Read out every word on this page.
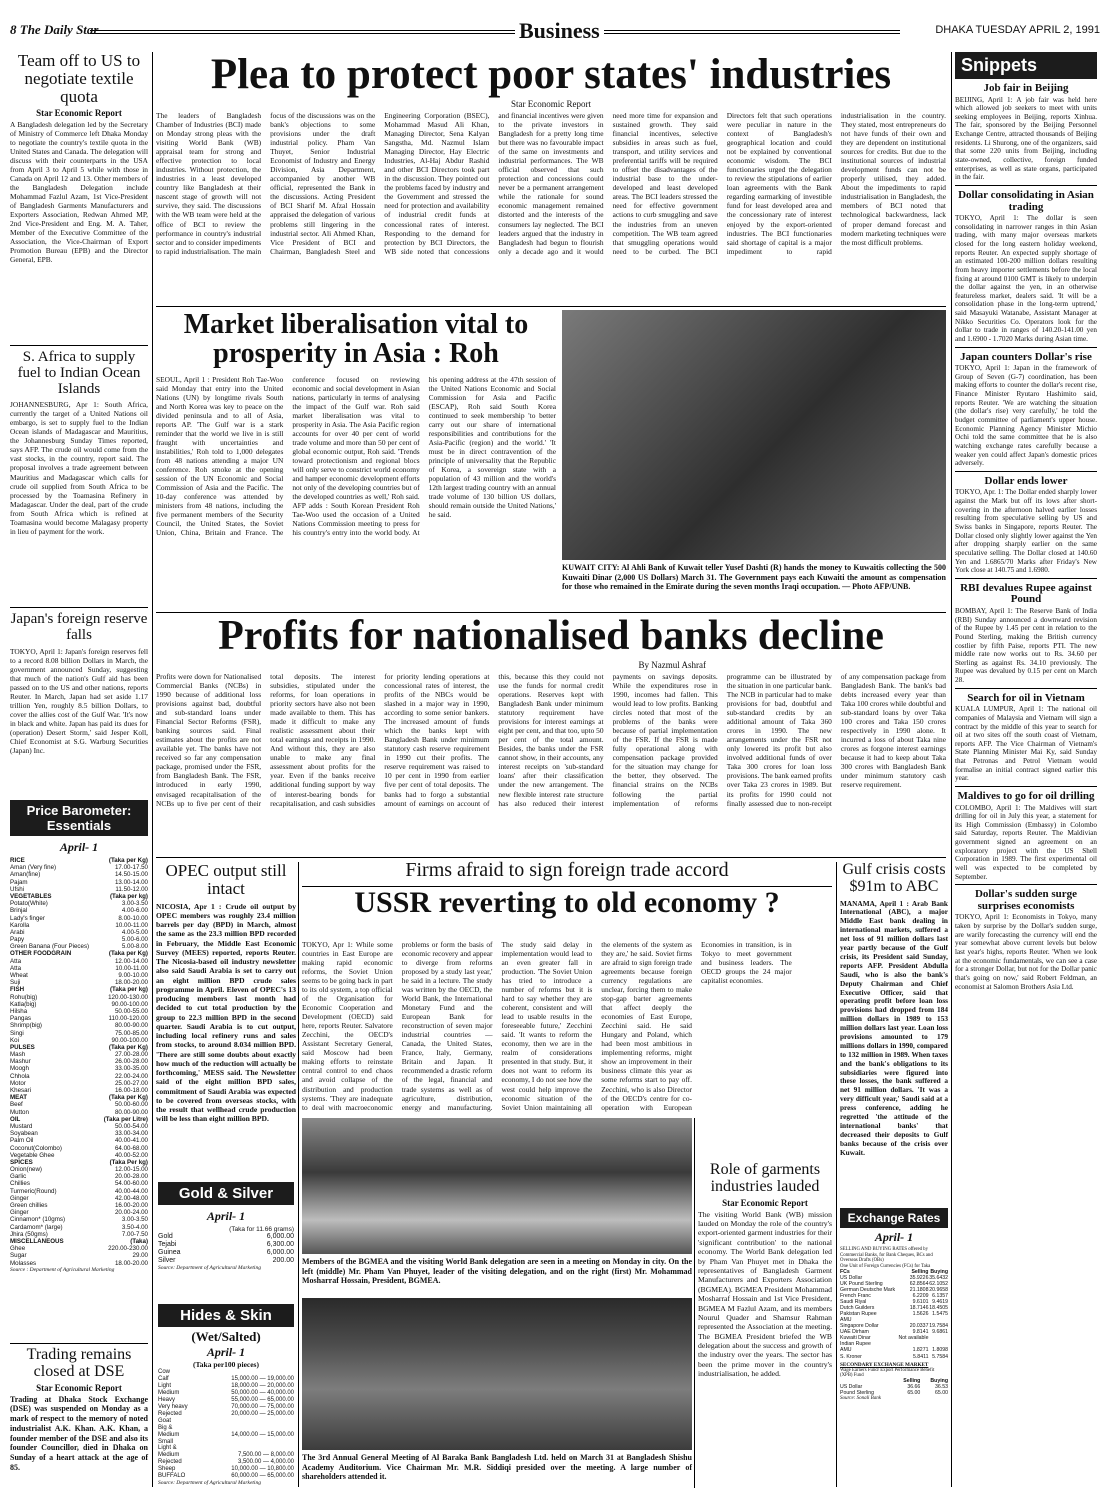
8 The Daily Star	Business	DHAKA TUESDAY APRIL 2, 1991
Team off to US to negotiate textile quota

Star Economic Report

A Bangladesh delegation led by the Secretary of Ministry of Commerce left Dhaka Monday to negotiate the country's textile quota in the United States and Canada. The delegation will discuss with their counterparts in the USA from April 3 to April 5 while with those in Canada on April 12 and 13. Other members of the Bangladesh Delegation include Mohammad Fazlul Azam, 1st Vice-President of Bangladesh Garments Manufacturers and Exporters Association, Redwan Ahmed MP, 2nd Vice-President and Eng. M. A. Taher, Member of the Executive Committee of the Association, the Vice-Chairman of Export Promotion Bureau (EPB) and the Director General, EPB.

S. Africa to supply fuel to Indian Ocean Islands

JOHANNESBURG, Apr 1: South Africa, currently the target of a United Nations oil embargo, is set to supply fuel to the Indian Ocean islands of Madagascar and Mauritius, the Johannesburg Sunday Times reported, says AFP. The crude oil would come from the vast stocks, in the country, report said. The proposal involves a trade agreement between Mauritius and Madagascar which calls for crude oil supplied from South Africa to be processed by the Toamasina Refinery in Madagascar. Under the deal, part of the crude from South Africa which is refined at Toamasina would become Malagasy property in lieu of payment for the work.

Japan's foreign reserve falls

TOKYO, April 1: Japan's foreign reserves fell to a record 8.08 billion Dollars in March, the government announced Sunday, suggesting that much of the nation's Gulf aid has been passed on to the US and other nations, reports Reuter. In March, Japan had set aside 1.17 trillion Yen, roughly 8.5 billion Dollars, to cover the allies cost of the Gulf War. 'It's now in black and white. Japan has paid its dues for (operation) Desert Storm,' said Jesper Koll, Chief Economist at S.G. Warburg Securities (Japan) Inc.

Price Barometer: Essentials
April- 1
RICE	(Taka per Kg)
Aman (Very fine)	17.00-17.50
Aman(fine)	14.50-15.00
Pajam	13.00-14.00
Ufshi	11.50-12.00
VEGETABLES	(Taka per kg)
Potato(White)	3.00-3.50
Brinjal	4.00-6.00
Lady's finger	8.00-10.00
Karolla	10.00-11.00
Arabi	4.00-5.00
Papy	5.00-6.00
Green Banana (Four Pieces)	5.00-8.00
OTHER FOODGRAIN	(Taka per Kg)
Atta	12.00-14.00
Atta	10.00-11.00
Wheat	9.00-10.00
Suji	18.00-20.00
FISH	(Taka per kg)
Rohu(big)	120.00-130.00
Katla(big)	90.00-100.00
Hilsha	50.00-55.00
Pangas	110.00-120.00
Shrimp(big)	80.00-90.00
Singi	75.00-85.00
Koi	90.00-100.00
PULSES	(Taka per Kg)
Mash	27.00-28.00
Mashur	26.00-28.00
Moogh	33.00-35.00
Chhola	22.00-24.00
Motor	25.00-27.00
Khesari	16.00-18.00
MEAT	(Taka per Kg)
Beef	50.00-60.00
Mutton	80.00-90.00
OIL	(Taka per Litre)
Mustard	50.00-54.00
Soyabean	33.00-34.00
Palm Oil	40.00-41.00
Coconut(Colombo)	64.00-68.00
Vegetable Ghee	40.00-52.00
SPICES	(Taka Per kg)
Onion(new)	12.00-15.00
Garlic	20.00-28.00
Chillies	54.00-60.00
Turmeric(Round)	40.00-44.00
Ginger	42.00-48.00
Green chillies	16.00-20.00
Ginger	20.00-24.00
Cinnamon* (10gms)	3.00-3.50
Cardamom* (large)	3.50-4.00
Jhira (50gms)	7.00-7.50
MISCELLANEOUS	(Taka)
Ghee	220.00-230.00
Sugar	29.00
Molasses	18.00-20.00
Source : Department of Agricultural Marketing
Trading remains closed at DSE

Star Economic Report

Trading at Dhaka Stock Exchange (DSE) was suspended on Monday as a mark of respect to the memory of noted industrialist A.K. Khan. A.K. Khan, a founder member of the DSE and also its founder Councillor, died in Dhaka on Sunday of a heart attack at the age of 85.

Plea to protect poor states' industries

Star Economic Report

The leaders of Bangladesh Chamber of Industries (BCI) made on Monday strong pleas with the visiting World Bank (WB) appraisal team for strong and effective protection to local industries. Without protection, the industries in a least developed country like Bangladesh at their nascent stage of growth will not survive, they said. The discussions with the WB team were held at the office of BCI to review the performance in country's industrial sector and to consider impediments to rapid industrialisation. The main focus of the discussions was on the bank's objections to some provisions under the draft industrial policy. Pham Van Thuyet, Senior Industrial Economist of Industry and Energy Division, Asia Department, accompanied by another WB official, represented the Bank in the discussions. Acting President of BCI Sharif M. Afzal Hossain appraised the delegation of various problems still lingering in the industrial sector. Ali Ahmed Khan, Vice President of BCI and Chairman, Bangladesh Steel and Engineering Corporation (BSEC), Mohammad Masud Ali Khan, Managing Director, Sena Kalyan Sangstha, Md. Nazmul Islam Managing Director, Hay Electric Industries, Al-Haj Abdur Rashid and other BCI Directors took part in the discussion. They pointed out the problems faced by industry and the Government and stressed the need for protection and availability of industrial credit funds at concessional rates of interest. Responding to the demand for protection by BCI Directors, the WB side noted that concessions and financial incentives were given to the private investors in Bangladesh for a pretty long time but there was no favourable impact of the same on investments and industrial performances. The WB official observed that such protection and concessions could never be a permanent arrangement while the rationale for sound economic management remained distorted and the interests of the consumers lay neglected. The BCI leaders argued that the industry in Bangladesh had begun to flourish only a decade ago and it would need more time for expansion and sustained growth. They said financial incentives, selective subsidies in areas such as fuel, transport, and utility services and preferential tariffs will be required to offset the disadvantages of the industrial base to the under-developed and least developed areas. The BCI leaders stressed the need for effective government actions to curb smuggling and save the industries from an uneven competition. The WB team agreed that smuggling operations would need to be curbed. The BCI Directors felt that such operations were peculiar in nature in the context of Bangladesh's geographical location and could not be explained by conventional economic wisdom. The BCI functionaries urged the delegation to review the stipulations of earlier loan agreements with the Bank regarding earmarking of investible fund for least developed area and the concessionary rate of interest enjoyed by the export-oriented industries. The BCI functionaries said shortage of capital is a major impediment to rapid industrialisation in the country. They stated, most entrepreneurs do not have funds of their own and they are dependent on institutional sources for credits. But due to the institutional sources of industrial development funds can not be properly utilised, they added. About the impediments to rapid industrialisation in Bangladesh, the members of BCI noted that technological backwardness, lack of proper demand forecast and modern marketing techniques were the most difficult problems.

Market liberalisation vital to prosperity in Asia : Roh

SEOUL, April 1 : President Roh Tae-Woo said Monday that entry into the United Nations (UN) by longtime rivals South and North Korea was key to peace on the divided peninsula and to all of Asia, reports AP. 'The Gulf war is a stark reminder that the world we live in is still fraught with uncertainties and instabilities,' Roh told to 1,000 delegates from 48 nations attending a major UN conference. Roh smoke at the opening session of the UN Economic and Social Commission of Asia and the Pacific. The 10-day conference was attended by ministers from 48 nations, including the five permanent members of the Security Council, the United States, the Soviet Union, China, Britain and France. The conference focused on reviewing economic and social development in Asian nations, particularly in terms of analysing the impact of the Gulf war. Roh said market liberalisation was vital to prosperity in Asia. The Asia Pacific region accounts for over 40 per cent of world trade volume and more than 50 per cent of global economic output, Roh said. 'Trends toward protectionism and regional blocs will only serve to constrict world economy and hamper economic development efforts not only of the developing countries but of the developed countries as well,' Roh said. AFP adds : South Korean President Roh Tae-Woo used the occasion of a United Nations Commission meeting to press for his country's entry into the world body. At his opening address at the 47th session of the United Nations Economic and Social Commission for Asia and Pacific (ESCAP), Roh said South Korea continued to seek membership 'to better carry out our share of international responsibilities and contributions for the Asia-Pacific (region) and the world.' 'It must be in direct contravention of the principle of universality that the Republic of Korea, a sovereign state with a population of 43 million and the world's 12th largest trading country with an annual trade volume of 130 billion US dollars, should remain outside the United Nations,' he said.

KUWAIT CITY: Al Ahli Bank of Kuwait teller Yusef Dashti (R) hands the money to Kuwaitis collecting the 500 Kuwaiti Dinar (2,000 US Dollars) March 31. The Government pays each Kuwaiti the amount as compensation for those who remained in the Emirate during the seven months Iraqi occupation. — Photo AFP/UNB.

Profits for nationalised banks decline

By Nazmul Ashraf

Profits were down for Nationalised Commercial Banks (NCBs) in 1990 because of additional loss provisions against bad, doubtful and sub-standard loans under Financial Sector Reforms (FSR), banking sources said. Final estimates about the profits are not available yet. The banks have not received so far any compensation package, promised under the FSR, from Bangladesh Bank. The FSR, introduced in early 1990, envisaged recapitalisation of the NCBs up to five per cent of their total deposits. The interest subsidies, stipulated under the reforms, for loan operations in priority sectors have also not been made available to them. This has made it difficult to make any realistic assessment about their total earnings and receipts in 1990. And without this, they are also unable to make any final assessment about profits for the year. Even if the banks receive additional funding support by way of interest-bearing bonds for recapitalisation, and cash subsidies for priority lending operations at concessional rates of interest, the profits of the NBCs would be slashed in a major way in 1990, according to some senior bankers. The increased amount of funds which the banks kept with Bangladesh Bank under minimum statutory cash reserve requirement in 1990 cut their profits. The reserve requirement was raised to 10 per cent in 1990 from earlier five per cent of total deposits. The banks had to forgo a substantial amount of earnings on account of this, because this they could not use the funds for normal credit operations. Reserves kept with Bangladesh Bank under minimum statutory requirement have provisions for interest earnings at eight per cent, and that too, upto 50 per cent of the total amount. Besides, the banks under the FSR cannot show, in their accounts, any interest receipts on 'sub-standard loans' after their classification under the new arrangement. The new flexible interest rate structure has also reduced their interest payments on savings deposits. While the expenditures rose in 1990, incomes had fallen. This would lead to low profits. Banking circles noted that most of the problems of the banks were because of partial implementation of the FSR. If the FSR is made fully operational along with compensation package provided for the situation may change for the better, they observed. The financial strains on the NCBs following the partial implementation of reforms programme can be illustrated by the situation in one particular bank. The NCB in particular had to make provisions for bad, doubtful and sub-standard credits by an additional amount of Taka 360 crores in 1990. The new arrangements under the FSR not only lowered its profit but also involved additional funds of over Taka 300 crores for loan loss provisions. The bank earned profits over Taka 23 crores in 1989. But its profits for 1990 could not finally assessed due to non-receipt of any compensation package from Bangladesh Bank. The bank's bad debts increased every year than Taka 100 crores while doubtful and sub-standard loans by over Taka 100 crores and Taka 150 crores respectively in 1990 alone. It incurred a loss of about Taka nine crores as forgone interest earnings because it had to keep about Taka 300 crores with Bangladesh Bank under minimum statutory cash reserve requirement.

OPEC output still intact

NICOSIA, Apr 1 : Crude oil output by OPEC members was roughly 23.4 million barrels per day (BPD) in March, almost the same as the 23.3 million BPD recorded in February, the Middle East Economic Survey (MEES) reported, reports Reuter. The Nicosia-based oil industry newsletter also said Saudi Arabia is set to carry out an eight million BPD crude sales programme in April. Eleven of OPEC's 13 producing members last month had decided to cut total production by the group to 22.3 million BPD in the second quarter. Saudi Arabia is to cut output, including local refinery runs and sales from stocks, to around 8.034 million BPD. 'There are still some doubts about exactly how much of the reduction will actually be forthcoming,' MESS said. The Newsletter said of the eight million BPD sales, commitment of Saudi Arabia was expected to be covered from overseas stocks, with the result that wellhead crude production will be less than eight million BPD.

Gold & Silver
April- 1
(Taka for 11.66 grams)
Gold	6,000.00
Tejabi	6,300.00
Guinea	6,000.00
Silver	200.00
Source: Department of Agricultural Marketing
Hides & Skin
(Wet/Salted)
April- 1
(Taka per100 pieces)
Cow	
Calf	15,000.00 — 19,000.00
Light	18,000.00 — 20,000.00
Medium	50,000.00 — 40,000.00
Heavy	55,000.00 — 65,000.00
Very heavy	70,000.00 — 75,000.00
Rejected	20,000.00 — 25,000.00
Goat	
Big &	
Medium	14,000.00 — 15,000.00
Small	
Light &	
Medium	7,500.00 — 8,000.00
Rejected	3,500.00 — 4,000.00
Sheep	10,000.00 — 10,800.00
BUFFALO	60,000.00 — 65,000.00
Source: Department of Agricultural Marketing
Firms afraid to sign foreign trade accord
USSR reverting to old economy ?

TOKYO, Apr 1: While some countries in East Europe are making rapid economic reforms, the Soviet Union seems to be going back in part to its old system, a top official of the Organisation for Economic Cooperation and Development (OECD) said here, reports Reuter. Salvatore Zecchini, the OECD's Assistant Secretary General, said Moscow had been making efforts to reinstate central control to end chaos and avoid collapse of the distribution and production systems. 'They are inadequate to deal with macroeconomic problems or form the basis of economic recovery and appear to diverge from reforms proposed by a study last year,' he said in a lecture. The study was written by the OECD, the World Bank, the International Monetary Fund and the European Bank for reconstruction of seven major industrial countries — Canada, the United States, France, Italy, Germany, Britain and Japan. It recommended a drastic reform of the legal, financial and trade systems as well as of agriculture, distribution, energy and manufacturing. The study said delay in implementation would lead to an even greater fall in production. 'The Soviet Union has tried to introduce a number of reforms but it is hard to say whether they are coherent, consistent and will lead to usable results in the foreseeable future,' Zecchini said. 'It wants to reform the economy, then we are in the realm of considerations presented in that study. But, it does not want to reform its economy, I do not see how the west could help improve the economic situation of the Soviet Union maintaining all the elements of the system as they are,' he said. Soviet firms are afraid to sign foreign trade agreements because foreign currency regulations are unclear, forcing them to make stop-gap barter agreements that affect deeply the economies of East Europe, Zecchini said. He said Hungary and Poland, which had been most ambitious in implementing reforms, might show an improvement in their business climate this year as some reforms start to pay off. Zecchini, who is also Director of the OECD's centre for co-operation with European Economies in transition, is in Tokyo to meet government and business leaders. The OECD groups the 24 major capitalist economies.

Members of the BGMEA and the visiting World Bank delegation are seen in a meeting on Monday in city. On the left (middle) Mr. Pham Van Phuyet, leader of the visiting delegation, and on the right (first) Mr. Mohammad Mosharraf Hossain, President, BGMEA.

The 3rd Annual General Meeting of Al Baraka Bank Bangladesh Ltd. held on March 31 at Bangladesh Shishu Academy Auditorium. Vice Chairman Mr. M.R. Siddiqi presided over the meeting. A large number of shareholders attended it.

Role of garments industries lauded

Star Economic Report

The visiting World Bank (WB) mission lauded on Monday the role of the country's export-oriented garment industries for their 'significant contribution' to the national economy. The World Bank delegation led by Pham Van Phuyet met in Dhaka the representatives of Bangladesh Garment Manufacturers and Exporters Association (BGMEA). BGMEA President Mohammad Mosharraf Hossain and 1st Vice President, BGMEA M Fazlul Azam, and its members Nourul Quader and Shamsur Rahman represented the Association at the meeting. The BGMEA President briefed the WB delegation about the success and growth of the industry over the years. The sector has been the prime mover in the country's industrialisation, he added.

Gulf crisis costs $91m to ABC

MANAMA, April 1 : Arab Bank International (ABC), a major Middle East bank dealing in international markets, suffered a net loss of 91 million dollars last year partly because of the Gulf crisis, its President said Sunday, reports AFP. President Abdulla Saudi, who is also the bank's Deputy Chairman and Chief Executive Officer, said that operating profit before loan loss provisions had dropped from 184 million dollars in 1989 to 153 million dollars last year. Loan loss provisions amounted to 179 millions dollars in 1990, compared to 132 million in 1989. When taxes and the bank's obligations to its subsidiaries were figured into these losses, the bank suffered a net 91 million dollars. 'It was a very difficult year,' Saudi said at a press conference, adding he regretted 'the attitude of the international banks' that decreased their deposits to Gulf banks because of the crisis over Kuwait.

Exchange Rates
April- 1
SELLING AND BUYING RATES offered by Commercial Banks, for Bank Cheques, BCs and Overseas Drafts (OBs)
One Unit of Foreign Currencies (FCs) for Taka
FCs	Selling	Buying
US Dollar	35.9226	35.6432
UK Pound Sterling	62.8564	62.1052
German Deutsche Mark	21.1808	20.9658
French Franc	6.2209	6.1357
Saudi Riyal	9.6101	9.4619
Dutch Guilders	18.7146	18.4505
Pakistan Rupee	1.5626	1.5475
AMU		
Singapore Dollar	20.0337	19.7584
UAE Dirham	9.8141	9.6861
Kuwaiti Dinar	Not available	
Indian Rupee		
AMU	1.8271	1.8098
S. Kroner	5.8411	5.7584
SECONDARY EXCHANGE MARKET
Wage Earners Fund/ Export Performance Benefit (XPB) Fund
	Selling	Buying
US Dollar	36.66	36.53
Pound Sterling	65.00	65.00
Source: Sonali Bank
Snippets
Job fair in Beijing

BEIJING, April 1: A job fair was held here which allowed job seekers to meet with units seeking employees in Beijing, reports Xinhua. The fair, sponsored by the Beijing Personnel Exchange Centre, attracted thousands of Beijing residents. Li Shurong, one of the organizers, said that some 220 units from Beijing, including state-owned, collective, foreign funded enterprises, as well as state organs, participated in the fair.

Dollar consolidating in Asian trading

TOKYO, April 1: The dollar is seen consolidating in narrower ranges in thin Asian trading, with many major overseas markets closed for the long eastern holiday weekend, reports Reuter. An expected supply shortage of an estimated 100-200 million dollars resulting from heavy importer settlements before the local fixing at around 0100 GMT is likely to underpin the dollar against the yen, in an otherwise featureless market, dealers said. 'It will be a consolidation phase in the long-term uptrend,' said Masayuki Watanabe, Assistant Manager at Nikko Securities Co. Operators look for the dollar to trade in ranges of 140.20-141.00 yen and 1.6900 - 1.7020 Marks during Asian time.

Japan counters Dollar's rise

TOKYO, April 1: Japan in the framework of Group of Seven (G-7) coordination, has been making efforts to counter the dollar's recent rise, Finance Minister Ryutaro Hashimito said, reports Reuter. 'We are watching the situation (the dollar's rise) very carefully,' he told the budget committee of parliament's upper house. Economic Planning Agency Minister Michio Ochi told the same committee that he is also watching exchange rates carefully because a weaker yen could affect Japan's domestic prices adversely.

Dollar ends lower

TOKYO, Apr. 1: The Dollar ended sharply lower against the Mark but off its lows after short-covering in the afternoon halved earlier losses resulting from speculative selling by US and Swiss banks in Singapore, reports Reuter. The Dollar closed only slightly lower against the Yen after dropping sharply earlier on the same speculative selling. The Dollar closed at 140.60 Yen and 1.6865/70 Marks after Friday's New York close at 140.75 and 1.6980.

RBI devalues Rupee against Pound

BOMBAY, April 1: The Reserve Bank of India (RBI) Sunday announced a downward revision of the Rupee by 1.45 per cent in relation to the Pound Sterling, making the British currency costlier by fifth Paise, reports PTI. The new middle rate now works out to Rs. 34.60 per Sterling as against Rs. 34.10 previously. The Rupee was devalued by 0.15 per cent on March 28.

Search for oil in Vietnam

KUALA LUMPUR, April 1: The national oil companies of Malaysia and Vietnam will sign a contract by the middle of this year to search for oil at two sites off the south coast of Vietnam, reports AFP. The Vice Chairman of Vietnam's State Planning Minister Mai Ky, said Sunday that Petronas and Petrol Vietnam would formalise an initial contract signed earlier this year.

Maldives to go for oil drilling

COLOMBO, April 1: The Maldives will start drilling for oil in July this year, a statement for its High Commission (Embassy) in Colombo said Saturday, reports Reuter. The Maldivian government signed an agreement on an exploratory project with the US Shell Corporation in 1989. The first experimental oil well was expected to be completed by September.

Dollar's sudden surge surprises economists

TOKYO, April 1: Economists in Tokyo, many taken by surprise by the Dollar's sudden surge, are warily forecasting the currency will end the year somewhat above current levels but below last year's highs, reports Reuter. 'When we look at the economic fundamentals, we can see a case for a stronger Dollar, but not for the Dollar panic that's going on now,' said Robert Feldman, an economist at Salomon Brothers Asia Ltd.
